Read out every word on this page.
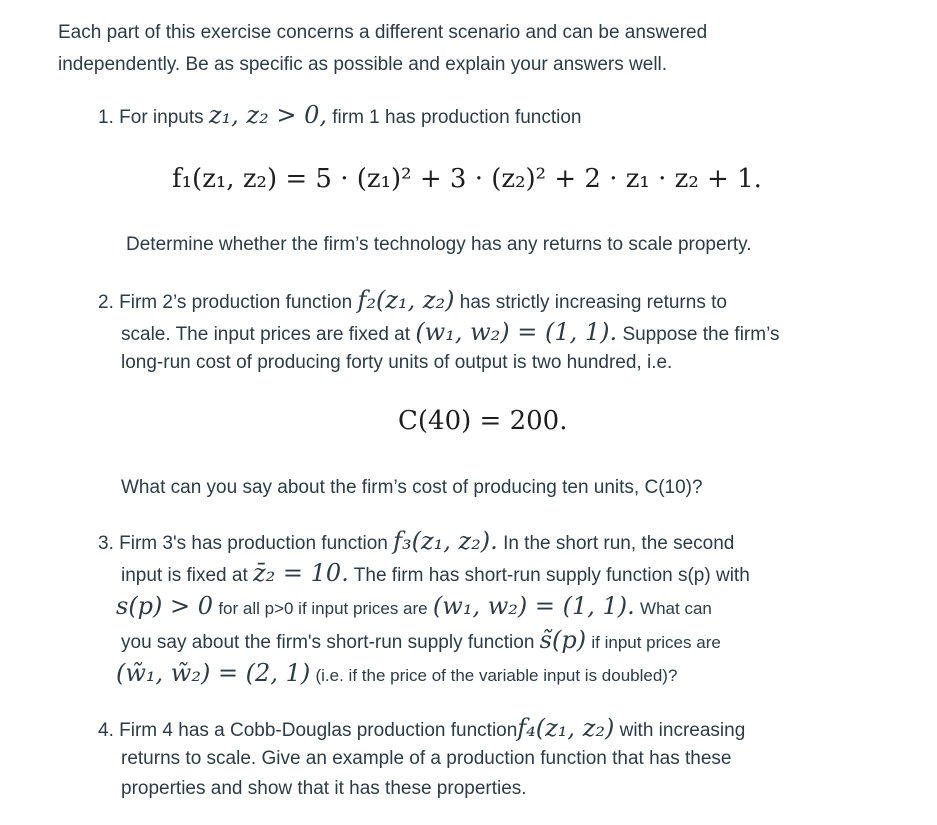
Each part of this exercise concerns a different scenario and can be answered
independently. Be as specific as possible and explain your answers well.
1. For inputs z₁, z₂ > 0, firm 1 has production function
f₁(z₁, z₂) = 5 · (z₁)² + 3 · (z₂)² + 2 · z₁ · z₂ + 1.
Determine whether the firm’s technology has any returns to scale property.
2. Firm 2’s production function f₂(z₁, z₂) has strictly increasing returns to
scale. The input prices are fixed at (w₁, w₂) = (1, 1). Suppose the firm’s
long-run cost of producing forty units of output is two hundred, i.e.
C(40) = 200.
What can you say about the firm’s cost of producing ten units, C(10)?
3. Firm 3's has production function f₃(z₁, z₂). In the short run, the second
input is fixed at z̄₂ = 10. The firm has short-run supply function s(p) with
s(p) > 0 for all p>0 if input prices are (w₁, w₂) = (1, 1). What can
you say about the firm's short-run supply function s̃(p) if input prices are
(w̃₁, w̃₂) = (2, 1) (i.e. if the price of the variable input is doubled)?
4. Firm 4 has a Cobb-Douglas production functionf₄(z₁, z₂) with increasing
returns to scale. Give an example of a production function that has these
properties and show that it has these properties.
